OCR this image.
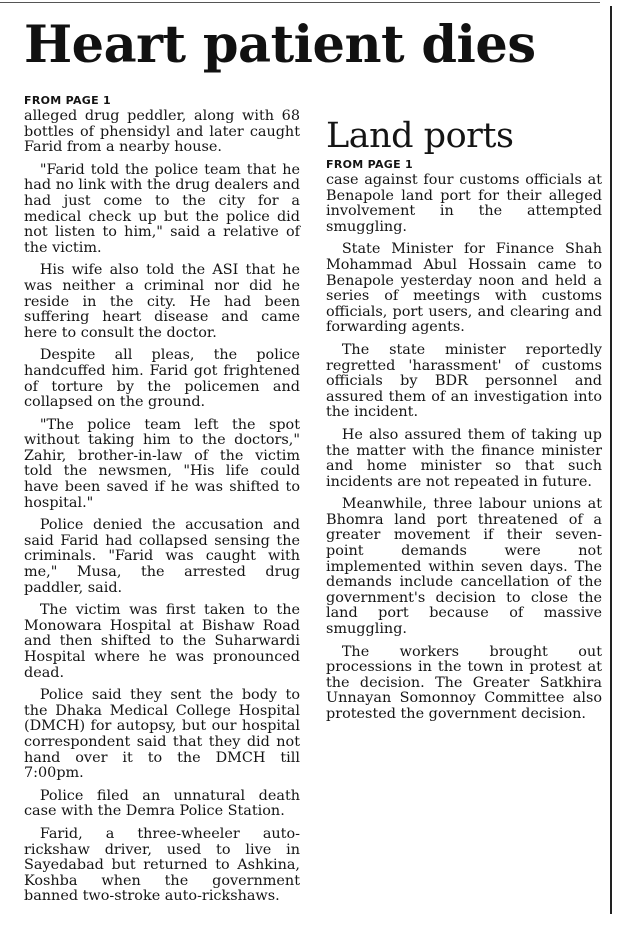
Heart patient dies
FROM PAGE 1

alleged drug peddler, along with 68 bottles of phensidyl and later caught Farid from a nearby house.

"Farid told the police team that he had no link with the drug dealers and had just come to the city for a medical check up but the police did not listen to him," said a relative of the victim.

His wife also told the ASI that he was neither a criminal nor did he reside in the city. He had been suffering heart disease and came here to consult the doctor.

Despite all pleas, the police handcuffed him. Farid got frightened of torture by the policemen and collapsed on the ground.

"The police team left the spot without taking him to the doctors," Zahir, brother-in-law of the victim told the newsmen, "His life could have been saved if he was shifted to hospital."

Police denied the accusation and said Farid had collapsed sensing the criminals. "Farid was caught with me," Musa, the arrested drug paddler, said.

The victim was first taken to the Monowara Hospital at Bishaw Road and then shifted to the Suharwardi Hospital where he was pronounced dead.

Police said they sent the body to the Dhaka Medical College Hospital (DMCH) for autopsy, but our hospital correspondent said that they did not hand over it to the DMCH till 7:00pm.

Police filed an unnatural death case with the Demra Police Station.

Farid, a three-wheeler auto-rickshaw driver, used to live in Sayedabad but returned to Ashkina, Koshba when the government banned two-stroke auto-rickshaws.

Land ports
FROM PAGE 1

case against four customs officials at Benapole land port for their alleged involvement in the attempted smuggling.

State Minister for Finance Shah Mohammad Abul Hossain came to Benapole yesterday noon and held a series of meetings with customs officials, port users, and clearing and forwarding agents.

The state minister reportedly regretted 'harassment' of customs officials by BDR personnel and assured them of an investigation into the incident.

He also assured them of taking up the matter with the finance minister and home minister so that such incidents are not repeated in future.

Meanwhile, three labour unions at Bhomra land port threatened of a greater movement if their seven-point demands were not implemented within seven days. The demands include cancellation of the government's decision to close the land port because of massive smuggling.

The workers brought out processions in the town in protest at the decision. The Greater Satkhira Unnayan Somonnoy Committee also protested the government decision.
